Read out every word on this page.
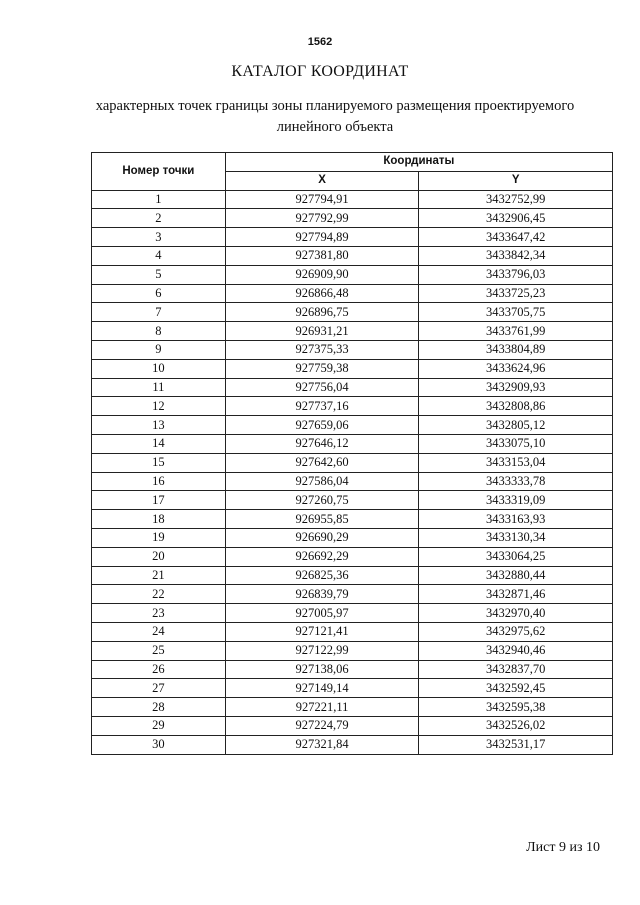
1562
КАТАЛОГ КООРДИНАТ
характерных точек границы зоны планируемого размещения проектируемого
линейного объекта
Номер точки	Координаты	
	X	Y
1	927794,91	3432752,99
2	927792,99	3432906,45
3	927794,89	3433647,42
4	927381,80	3433842,34
5	926909,90	3433796,03
6	926866,48	3433725,23
7	926896,75	3433705,75
8	926931,21	3433761,99
9	927375,33	3433804,89
10	927759,38	3433624,96
11	927756,04	3432909,93
12	927737,16	3432808,86
13	927659,06	3432805,12
14	927646,12	3433075,10
15	927642,60	3433153,04
16	927586,04	3433333,78
17	927260,75	3433319,09
18	926955,85	3433163,93
19	926690,29	3433130,34
20	926692,29	3433064,25
21	926825,36	3432880,44
22	926839,79	3432871,46
23	927005,97	3432970,40
24	927121,41	3432975,62
25	927122,99	3432940,46
26	927138,06	3432837,70
27	927149,14	3432592,45
28	927221,11	3432595,38
29	927224,79	3432526,02
30	927321,84	3432531,17
Лист 9 из 10
